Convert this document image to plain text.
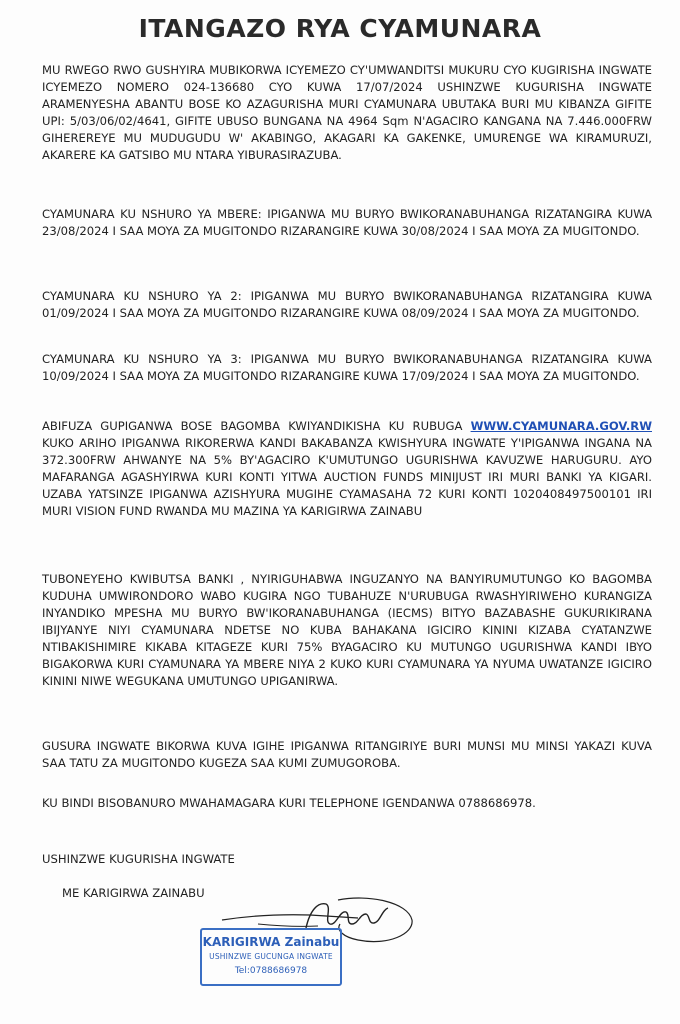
ITANGAZO RYA CYAMUNARA

MU RWEGO RWO GUSHYIRA MUBIKORWA ICYEMEZO CY'UMWANDITSI MUKURU CYO KUGIRISHA INGWATE ICYEMEZO NOMERO 024-136680 CYO KUWA 17/07/2024 USHINZWE KUGURISHA INGWATE ARAMENYESHA ABANTU BOSE KO AZAGURISHA MURI CYAMUNARA UBUTAKA BURI MU KIBANZA GIFITE UPI: 5/03/06/02/4641, GIFITE UBUSO BUNGANA NA 4964 Sqm N'AGACIRO KANGANA NA 7.446.000FRW GIHEREREYE MU MUDUGUDU W' AKABINGO, AKAGARI KA GAKENKE, UMURENGE WA KIRAMURUZI, AKARERE KA GATSIBO MU NTARA YIBURASIRAZUBA.

CYAMUNARA KU NSHURO YA MBERE: IPIGANWA MU BURYO BWIKORANABUHANGA RIZATANGIRA KUWA 23/08/2024 I SAA MOYA ZA MUGITONDO RIZARANGIRE KUWA 30/08/2024 I SAA MOYA ZA MUGITONDO.

CYAMUNARA KU NSHURO YA 2: IPIGANWA MU BURYO BWIKORANABUHANGA RIZATANGIRA KUWA 01/09/2024 I SAA MOYA ZA MUGITONDO RIZARANGIRE KUWA 08/09/2024 I SAA MOYA ZA MUGITONDO.

CYAMUNARA KU NSHURO YA 3: IPIGANWA MU BURYO BWIKORANABUHANGA RIZATANGIRA KUWA 10/09/2024 I SAA MOYA ZA MUGITONDO RIZARANGIRE KUWA 17/09/2024 I SAA MOYA ZA MUGITONDO.

ABIFUZA GUPIGANWA BOSE BAGOMBA KWIYANDIKISHA KU RUBUGA WWW.CYAMUNARA.GOV.RW KUKO ARIHO IPIGANWA RIKORERWA KANDI BAKABANZA KWISHYURA INGWATE Y'IPIGANWA INGANA NA 372.300FRW AHWANYE NA 5% BY'AGACIRO K'UMUTUNGO UGURISHWA KAVUZWE HARUGURU. AYO MAFARANGA AGASHYIRWA KURI KONTI YITWA AUCTION FUNDS MINIJUST IRI MURI BANKI YA KIGARI. UZABA YATSINZE IPIGANWA AZISHYURA MUGIHE CYAMASAHA 72 KURI KONTI 1020408497500101 IRI MURI VISION FUND RWANDA MU MAZINA YA KARIGIRWA ZAINABU

TUBONEYEHO KWIBUTSA BANKI , NYIRIGUHABWA INGUZANYO NA BANYIRUMUTUNGO KO BAGOMBA KUDUHA UMWIRONDORO WABO KUGIRA NGO TUBAHUZE N'URUBUGA RWASHYIRIWEHO KURANGIZA INYANDIKO MPESHA MU BURYO BW'IKORANABUHANGA (IECMS) BITYO BAZABASHE GUKURIKIRANA IBIJYANYE NIYI CYAMUNARA NDETSE NO KUBA BAHAKANA IGICIRO KININI KIZABA CYATANZWE NTIBAKISHIMIRE KIKABA KITAGEZE KURI 75% BYAGACIRO KU MUTUNGO UGURISHWA KANDI IBYO BIGAKORWA KURI CYAMUNARA YA MBERE NIYA 2 KUKO KURI CYAMUNARA YA NYUMA UWATANZE IGICIRO KININI NIWE WEGUKANA UMUTUNGO UPIGANIRWA.

GUSURA INGWATE BIKORWA KUVA IGIHE IPIGANWA RITANGIRIYE BURI MUNSI MU MINSI YAKAZI KUVA SAA TATU ZA MUGITONDO KUGEZA SAA KUMI ZUMUGOROBA.

KU BINDI BISOBANURO MWAHAMAGARA KURI TELEPHONE IGENDANWA 0788686978.

USHINZWE KUGURISHA INGWATE
ME KARIGIRWA ZAINABU
KARIGIRWA Zainabu
USHINZWE GUCUNGA INGWATE
Tel:0788686978
